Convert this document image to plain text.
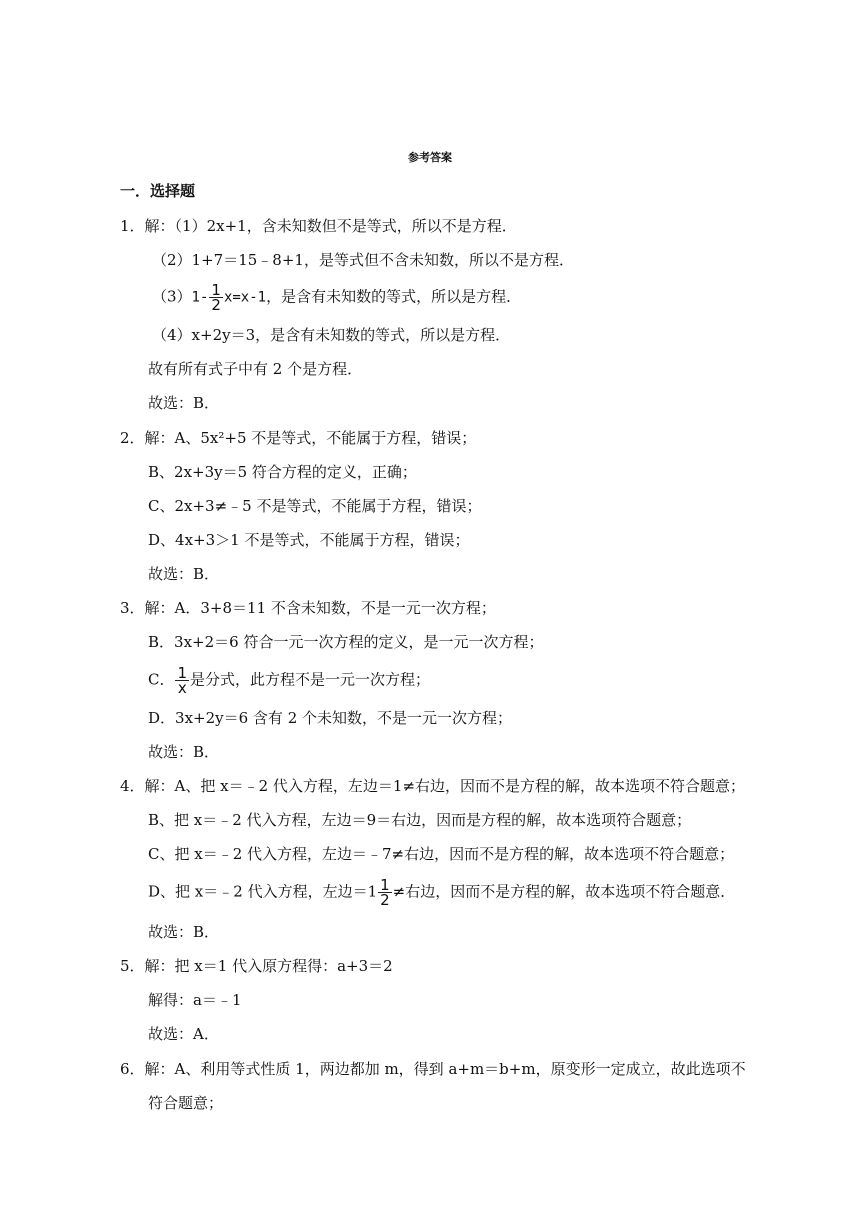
参考答案
一．选择题
1．解：（1）2x+1，含未知数但不是等式，所以不是方程．
（2）1+7＝15﹣8+1，是等式但不含未知数，所以不是方程．
$(3)1- \frac{1}{2} x=x-1$，是含有未知数的等式，所以是方程．
（4）x+2y＝3，是含有未知数的等式，所以是方程．
故有所有式子中有 2 个是方程．
故选：B．
2．解：A、5x²+5 不是等式，不能属于方程，错误；
B、2x+3y＝5 符合方程的定义，正确；
C、2x+3≠﹣5 不是等式，不能属于方程，错误；
D、4x+3＞1 不是等式，不能属于方程，错误；
故选：B．
3．解：A．3+8＝11 不含未知数，不是一元一次方程；
B．3x+2＝6 符合一元一次方程的定义，是一元一次方程；
C． $\frac{1}{x}$ 是分式，此方程不是一元一次方程；
D．3x+2y＝6 含有 2 个未知数，不是一元一次方程；
故选：B．
4．解：A、把 x＝﹣2 代入方程，左边＝1≠右边，因而不是方程的解，故本选项不符合题意；
B、把 x＝﹣2 代入方程，左边＝9＝右边，因而是方程的解，故本选项符合题意；
C、把 x＝﹣2 代入方程，左边＝﹣7≠右边，因而不是方程的解，故本选项不符合题意；
D、把 x＝﹣2 代入方程，左边$=1 \frac{1}{2}$ ≠右边，因而不是方程的解，故本选项不符合题意．
故选：B．
5．解：把 x＝1 代入原方程得：a+3＝2
解得：a＝﹣1
故选：A．
6．解：A、利用等式性质 1，两边都加 m，得到 a+m＝b+m，原变形一定成立，故此选项不
符合题意；
